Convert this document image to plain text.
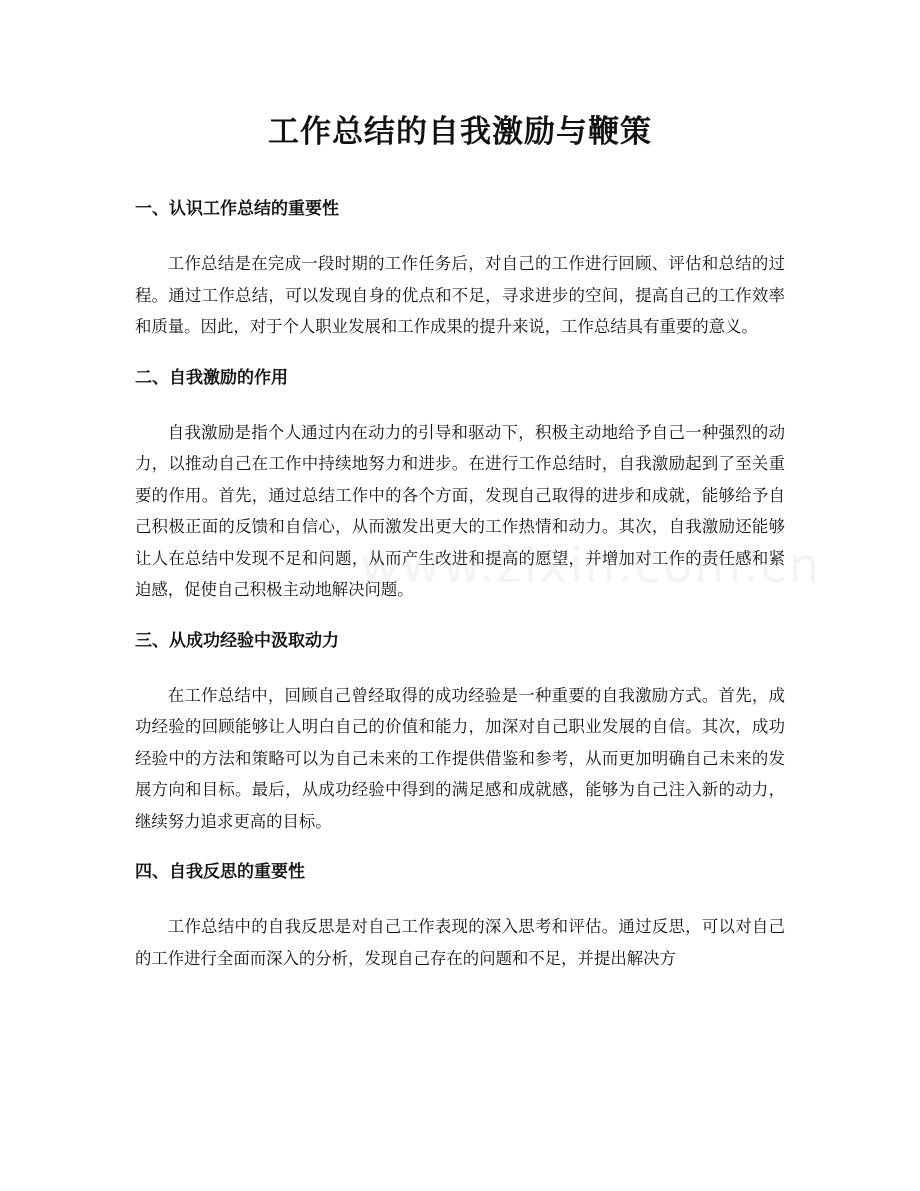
工作总结的自我激励与鞭策
一、认识工作总结的重要性

工作总结是在完成一段时期的工作任务后，对自己的工作进行回顾、评估和总结的过程。通过工作总结，可以发现自身的优点和不足，寻求进步的空间，提高自己的工作效率和质量。因此，对于个人职业发展和工作成果的提升来说，工作总结具有重要的意义。

二、自我激励的作用

自我激励是指个人通过内在动力的引导和驱动下，积极主动地给予自己一种强烈的动力，以推动自己在工作中持续地努力和进步。在进行工作总结时，自我激励起到了至关重要的作用。首先，通过总结工作中的各个方面，发现自己取得的进步和成就，能够给予自己积极正面的反馈和自信心，从而激发出更大的工作热情和动力。其次，自我激励还能够让人在总结中发现不足和问题，从而产生改进和提高的愿望，并增加对工作的责任感和紧迫感，促使自己积极主动地解决问题。

三、从成功经验中汲取动力

在工作总结中，回顾自己曾经取得的成功经验是一种重要的自我激励方式。首先，成功经验的回顾能够让人明白自己的价值和能力，加深对自己职业发展的自信。其次，成功经验中的方法和策略可以为自己未来的工作提供借鉴和参考，从而更加明确自己未来的发展方向和目标。最后，从成功经验中得到的满足感和成就感，能够为自己注入新的动力，继续努力追求更高的目标。

四、自我反思的重要性

工作总结中的自我反思是对自己工作表现的深入思考和评估。通过反思，可以对自己的工作进行全面而深入的分析，发现自己存在的问题和不足，并提出解决方
